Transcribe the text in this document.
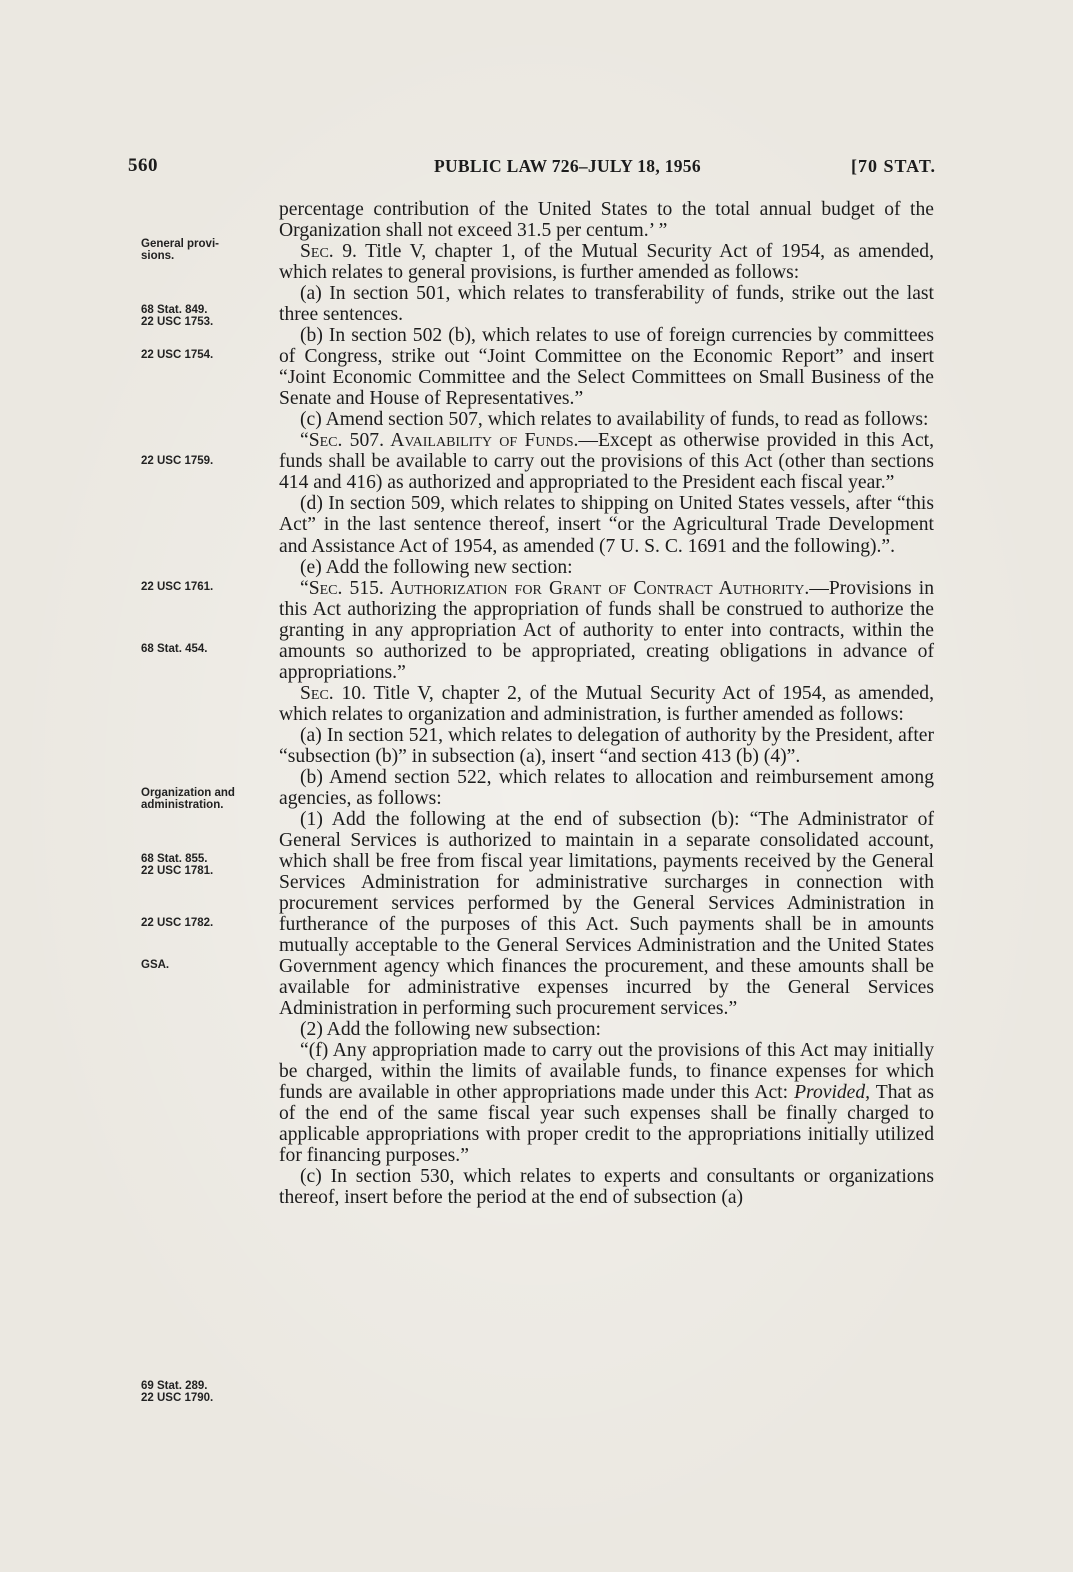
560	PUBLIC LAW 726–JULY 18, 1956	[70 STAT.
General provi-
sions.
68 Stat. 849.
22 USC 1753.
22 USC 1754.
22 USC 1759.
22 USC 1761.
68 Stat. 454.
Organization and
administration.
68 Stat. 855.
22 USC 1781.
22 USC 1782.
GSA.
69 Stat. 289.
22 USC 1790.

percentage contribution of the United States to the total annual budget of the Organization shall not exceed 31.5 per centum.’ ”

Sec. 9. Title V, chapter 1, of the Mutual Security Act of 1954, as amended, which relates to general provisions, is further amended as follows:

(a) In section 501, which relates to transferability of funds, strike out the last three sentences.

(b) In section 502 (b), which relates to use of foreign currencies by committees of Congress, strike out “Joint Committee on the Economic Report” and insert “Joint Economic Committee and the Select Committees on Small Business of the Senate and House of Representatives.”

(c) Amend section 507, which relates to availability of funds, to read as follows:

“Sec. 507. Availability of Funds.—Except as otherwise provided in this Act, funds shall be available to carry out the provisions of this Act (other than sections 414 and 416) as authorized and appropriated to the President each fiscal year.”

(d) In section 509, which relates to shipping on United States vessels, after “this Act” in the last sentence thereof, insert “or the Agricultural Trade Development and Assistance Act of 1954, as amended (7 U. S. C. 1691 and the following).”.

(e) Add the following new section:

“Sec. 515. Authorization for Grant of Contract Authority.—Provisions in this Act authorizing the appropriation of funds shall be construed to authorize the granting in any appropriation Act of authority to enter into contracts, within the amounts so authorized to be appropriated, creating obligations in advance of appropriations.”

Sec. 10. Title V, chapter 2, of the Mutual Security Act of 1954, as amended, which relates to organization and administration, is further amended as follows:

(a) In section 521, which relates to delegation of authority by the President, after “subsection (b)” in subsection (a), insert “and section 413 (b) (4)”.

(b) Amend section 522, which relates to allocation and reimbursement among agencies, as follows:

(1) Add the following at the end of subsection (b): “The Administrator of General Services is authorized to maintain in a separate consolidated account, which shall be free from fiscal year limitations, payments received by the General Services Administration for administrative surcharges in connection with procurement services performed by the General Services Administration in furtherance of the purposes of this Act. Such payments shall be in amounts mutually acceptable to the General Services Administration and the United States Government agency which finances the procurement, and these amounts shall be available for administrative expenses incurred by the General Services Administration in performing such procurement services.”

(2) Add the following new subsection:

“(f) Any appropriation made to carry out the provisions of this Act may initially be charged, within the limits of available funds, to finance expenses for which funds are available in other appropriations made under this Act: Provided, That as of the end of the same fiscal year such expenses shall be finally charged to applicable appropriations with proper credit to the appropriations initially utilized for financing purposes.”

(c) In section 530, which relates to experts and consultants or organizations thereof, insert before the period at the end of subsection (a)
